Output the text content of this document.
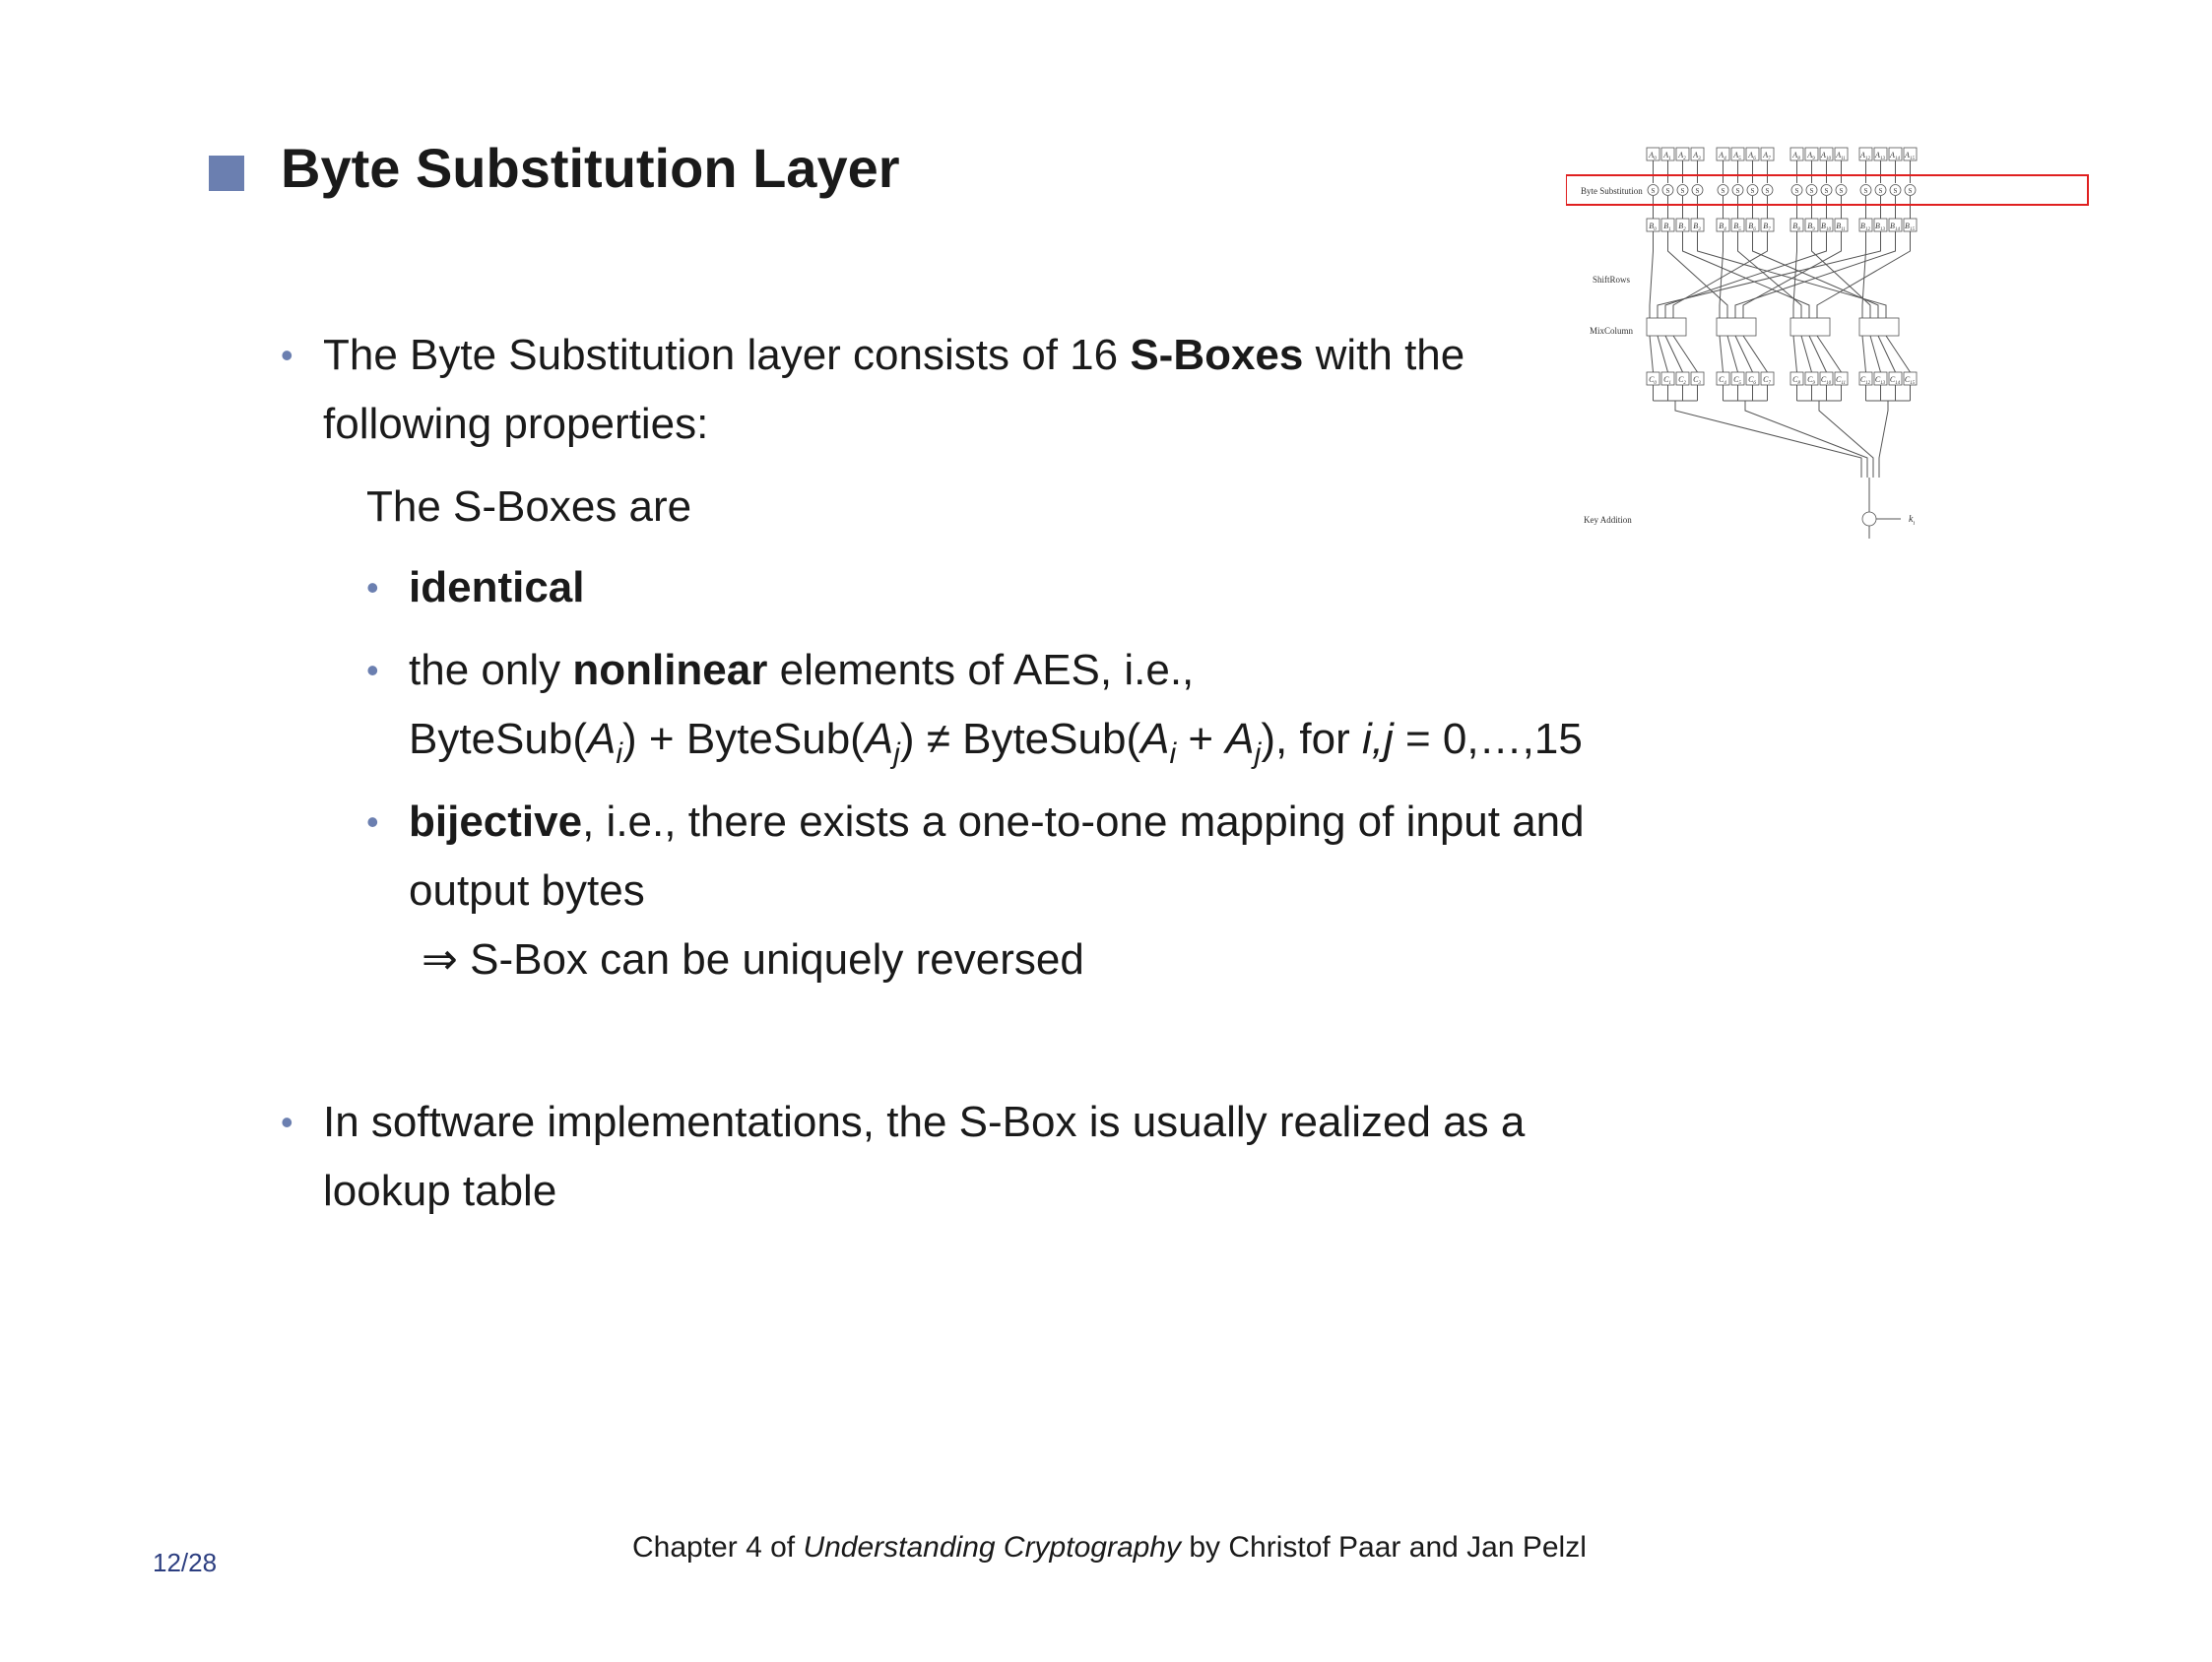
Byte Substitution Layer
• The Byte Substitution layer consists of 16 S-Boxes with the
following properties:
The S-Boxes are
• identical
• the only nonlinear elements of AES, i.e.,
$ByteSub(A_i)$ + $ByteSub(A_j)$ ≠ $ByteSub(A_i + A_j)$, for i,j = 0,…,15
• bijective, i.e., there exists a one-to-one mapping of input and
output bytes
⇒ S-Box can be uniquely reversed
• In software implementations, the S-Box is usually realized as a
lookup table
Byte Substitution
ShiftRows
MixColumn
Key Addition	$k_i$
$A_0$
S
$B_0$
$A_1$
S
$B_1$
$A_2$
S
$B_2$
$A_3$
S
$B_3$
$A_4$
S
$B_4$
$A_5$
S
$B_5$
$A_6$
S
$B_6$
$A_7$
S
$B_7$
$A_8$
S
$B_8$
$A_9$
S
$B_9$
$A_{10}$
S
$B_{10}$
$A_{11}$
S
$B_{11}$
$A_{12}$
S
$B_{12}$
$A_{13}$
S
$B_{13}$
$A_{14}$
S
$B_{14}$
$A_{15}$
S
$B_{15}$
$C_0$ $C_1$ $C_2$ $C_3$ $C_4$ $C_5$ $C_6$ $C_7$	$C_8$ $C_9$ $C_{10}$ $C_{11}$ $C_{12}$ $C_{13}$ $C_{14}$ $C_{15}$
Chapter 4 of Understanding Cryptography by Christof Paar and Jan Pelzl
12/28
